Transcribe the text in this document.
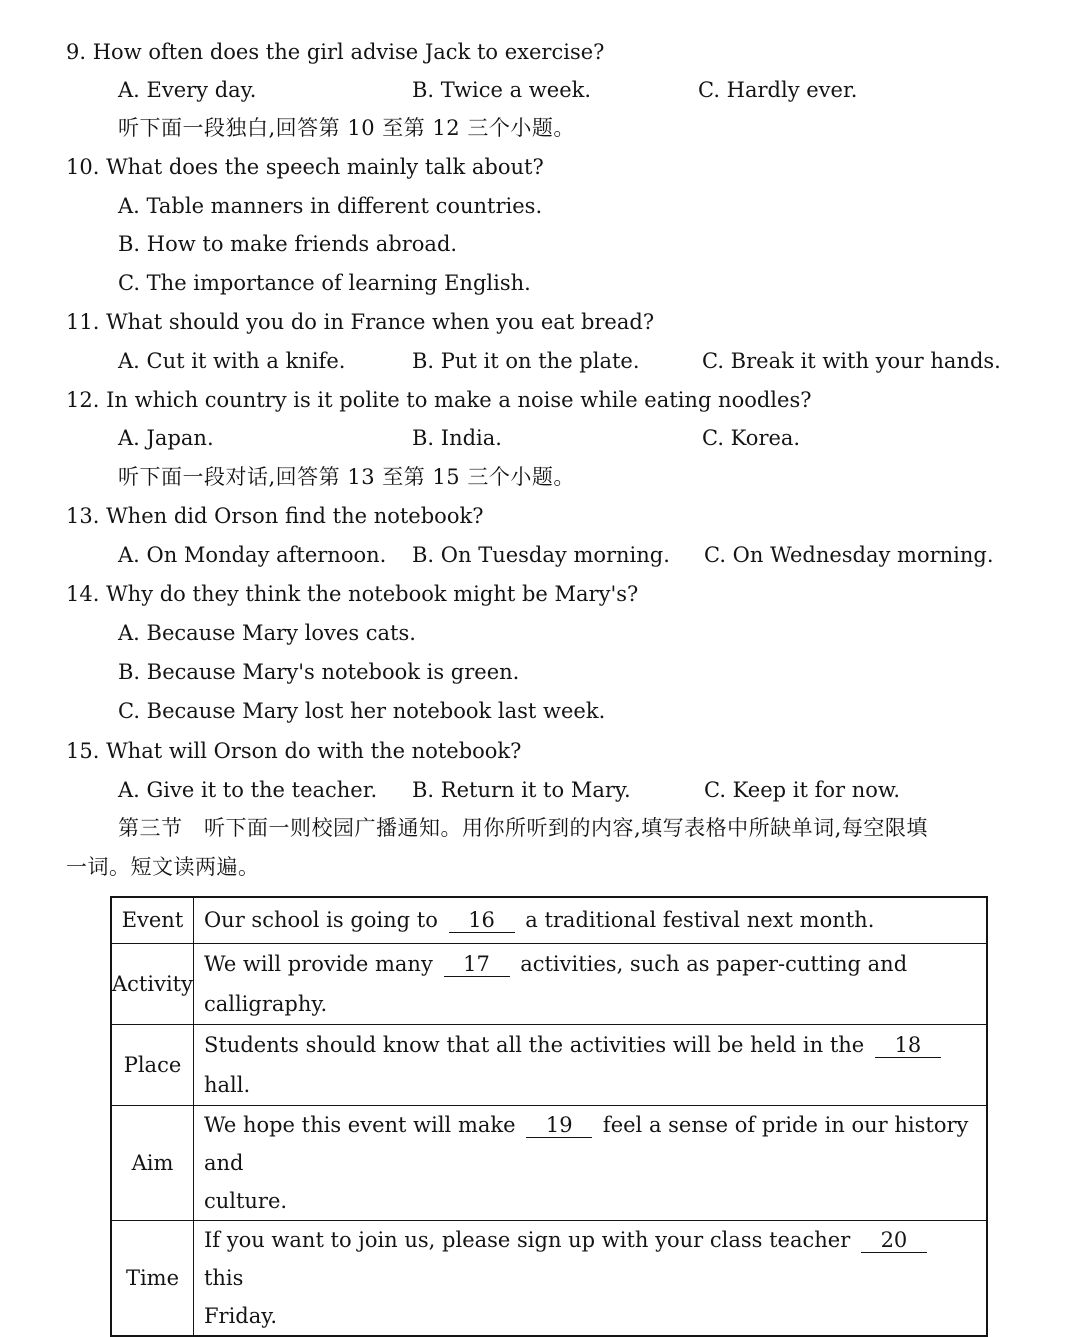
9. How often does the girl advise Jack to exercise?
A. Every day.	B. Twice a week.	C. Hardly ever.
听下面一段独白,回答第 10 至第 12 三个小题。
10. What does the speech mainly talk about?
A. Table manners in different countries.
B. How to make friends abroad.
C. The importance of learning English.
11. What should you do in France when you eat bread?
A. Cut it with a knife.	B. Put it on the plate.	C. Break it with your hands.
12. In which country is it polite to make a noise while eating noodles?
A. Japan.	B. India.	C. Korea.
听下面一段对话,回答第 13 至第 15 三个小题。
13. When did Orson find the notebook?
A. On Monday afternoon. B. On Tuesday morning. C. On Wednesday morning.
14. Why do they think the notebook might be Mary's?
A. Because Mary loves cats.
B. Because Mary's notebook is green.
C. Because Mary lost her notebook last week.
15. What will Orson do with the notebook?
A. Give it to the teacher. B. Return it to Mary.	C. Keep it for now.
第三节　听下面一则校园广播通知。用你所听到的内容,填写表格中所缺单词,每空限填
一词。短文读两遍。
Event	Our school is going to 16 a traditional festival next month.
Activity	We will provide many 17 activities, such as paper-cutting and calligraphy.
Place	Students should know that all the activities will be held in the 18 hall.
Aim	We hope this event will make 19 feel a sense of pride in our history and
culture.
Time	If you want to join us, please sign up with your class teacher 20 this
Friday.
